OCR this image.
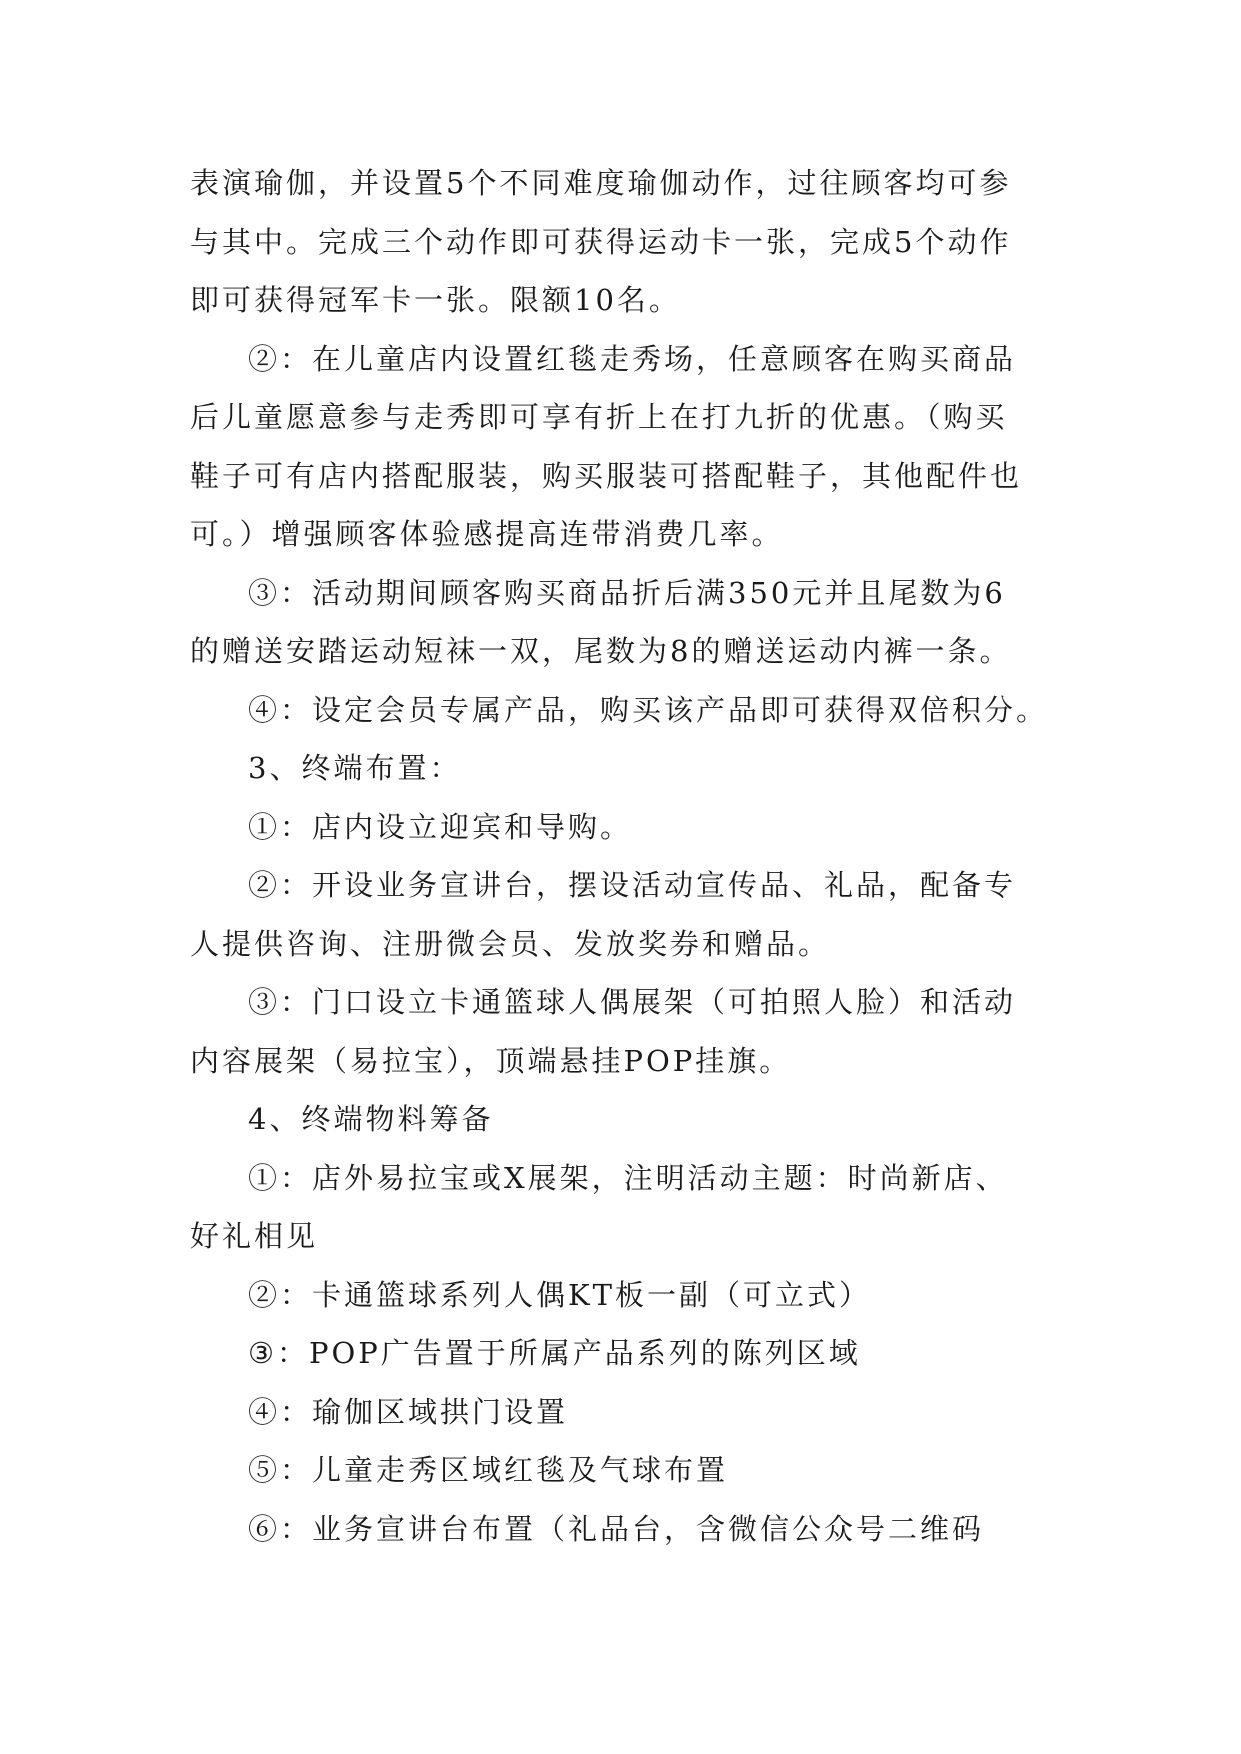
表演瑜伽，并设置5个不同难度瑜伽动作，过往顾客均可参
与其中。完成三个动作即可获得运动卡一张，完成5个动作
即可获得冠军卡一张。限额10名。
②：在儿童店内设置红毯走秀场，任意顾客在购买商品
后儿童愿意参与走秀即可享有折上在打九折的优惠。（购买
鞋子可有店内搭配服装，购买服装可搭配鞋子，其他配件也
可。）增强顾客体验感提高连带消费几率。
③：活动期间顾客购买商品折后满350元并且尾数为6
的赠送安踏运动短袜一双，尾数为8的赠送运动内裤一条。
④：设定会员专属产品，购买该产品即可获得双倍积分。
3、终端布置：
①：店内设立迎宾和导购。
②：开设业务宣讲台，摆设活动宣传品、礼品，配备专
人提供咨询、注册微会员、发放奖券和赠品。
③：门口设立卡通篮球人偶展架（可拍照人脸）和活动
内容展架（易拉宝），顶端悬挂POP挂旗。
4、终端物料筹备
①：店外易拉宝或X展架，注明活动主题：时尚新店、
好礼相见
②：卡通篮球系列人偶KT板一副（可立式）
③：POP广告置于所属产品系列的陈列区域
④：瑜伽区域拱门设置
⑤：儿童走秀区域红毯及气球布置
⑥：业务宣讲台布置（礼品台，含微信公众号二维码
